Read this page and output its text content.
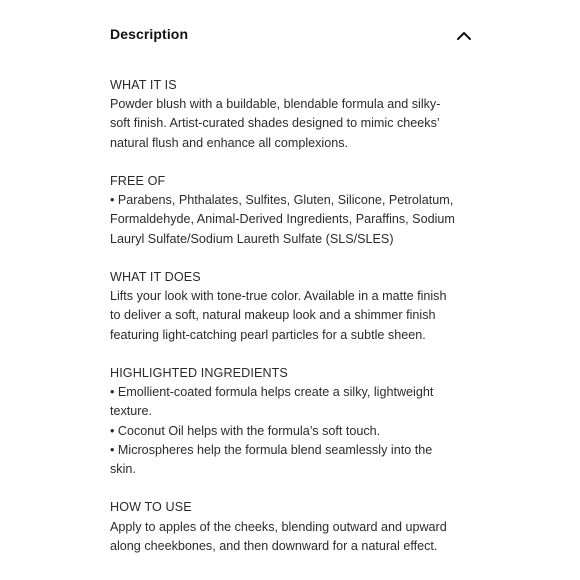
Description
WHAT IT IS
Powder blush with a buildable, blendable formula and silky-
soft finish. Artist-curated shades designed to mimic cheeks’
natural flush and enhance all complexions.
FREE OF
• Parabens, Phthalates, Sulfites, Gluten, Silicone, Petrolatum,
Formaldehyde, Animal-Derived Ingredients, Paraffins, Sodium
Lauryl Sulfate/Sodium Laureth Sulfate (SLS/SLES)
WHAT IT DOES
Lifts your look with tone-true color. Available in a matte finish
to deliver a soft, natural makeup look and a shimmer finish
featuring light-catching pearl particles for a subtle sheen.
HIGHLIGHTED INGREDIENTS
• Emollient-coated formula helps create a silky, lightweight
texture.
• Coconut Oil helps with the formula’s soft touch.
• Microspheres help the formula blend seamlessly into the
skin.
HOW TO USE
Apply to apples of the cheeks, blending outward and upward
along cheekbones, and then downward for a natural effect.
